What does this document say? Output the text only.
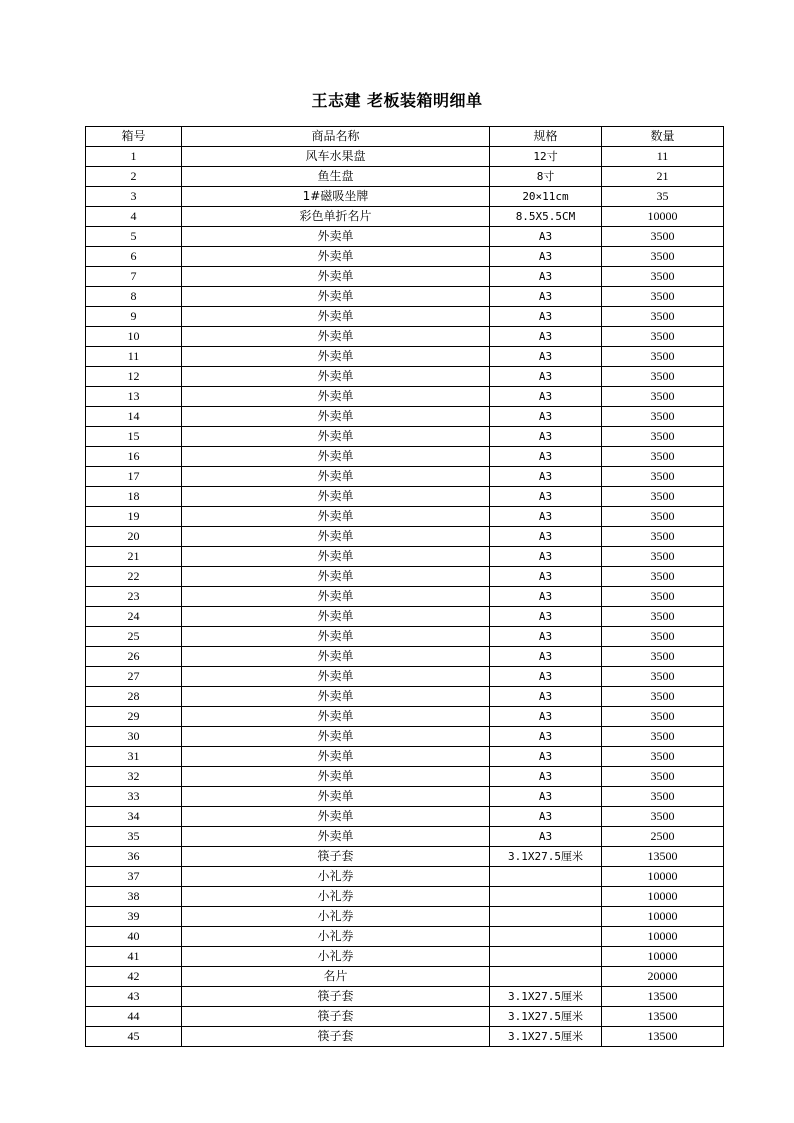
王志建 老板装箱明细单
箱号	商品名称	规格	数量
1	风车水果盘	12寸	11
2	鱼生盘	8寸	21
3	1#磁吸坐牌	20×11cm	35
4	彩色单折名片	8.5X5.5CM	10000
5	外卖单	A3	3500
6	外卖单	A3	3500
7	外卖单	A3	3500
8	外卖单	A3	3500
9	外卖单	A3	3500
10	外卖单	A3	3500
11	外卖单	A3	3500
12	外卖单	A3	3500
13	外卖单	A3	3500
14	外卖单	A3	3500
15	外卖单	A3	3500
16	外卖单	A3	3500
17	外卖单	A3	3500
18	外卖单	A3	3500
19	外卖单	A3	3500
20	外卖单	A3	3500
21	外卖单	A3	3500
22	外卖单	A3	3500
23	外卖单	A3	3500
24	外卖单	A3	3500
25	外卖单	A3	3500
26	外卖单	A3	3500
27	外卖单	A3	3500
28	外卖单	A3	3500
29	外卖单	A3	3500
30	外卖单	A3	3500
31	外卖单	A3	3500
32	外卖单	A3	3500
33	外卖单	A3	3500
34	外卖单	A3	3500
35	外卖单	A3	2500
36	筷子套	3.1X27.5厘米	13500
37	小礼券		10000
38	小礼券		10000
39	小礼券		10000
40	小礼券		10000
41	小礼券		10000
42	名片		20000
43	筷子套	3.1X27.5厘米	13500
44	筷子套	3.1X27.5厘米	13500
45	筷子套	3.1X27.5厘米	13500
